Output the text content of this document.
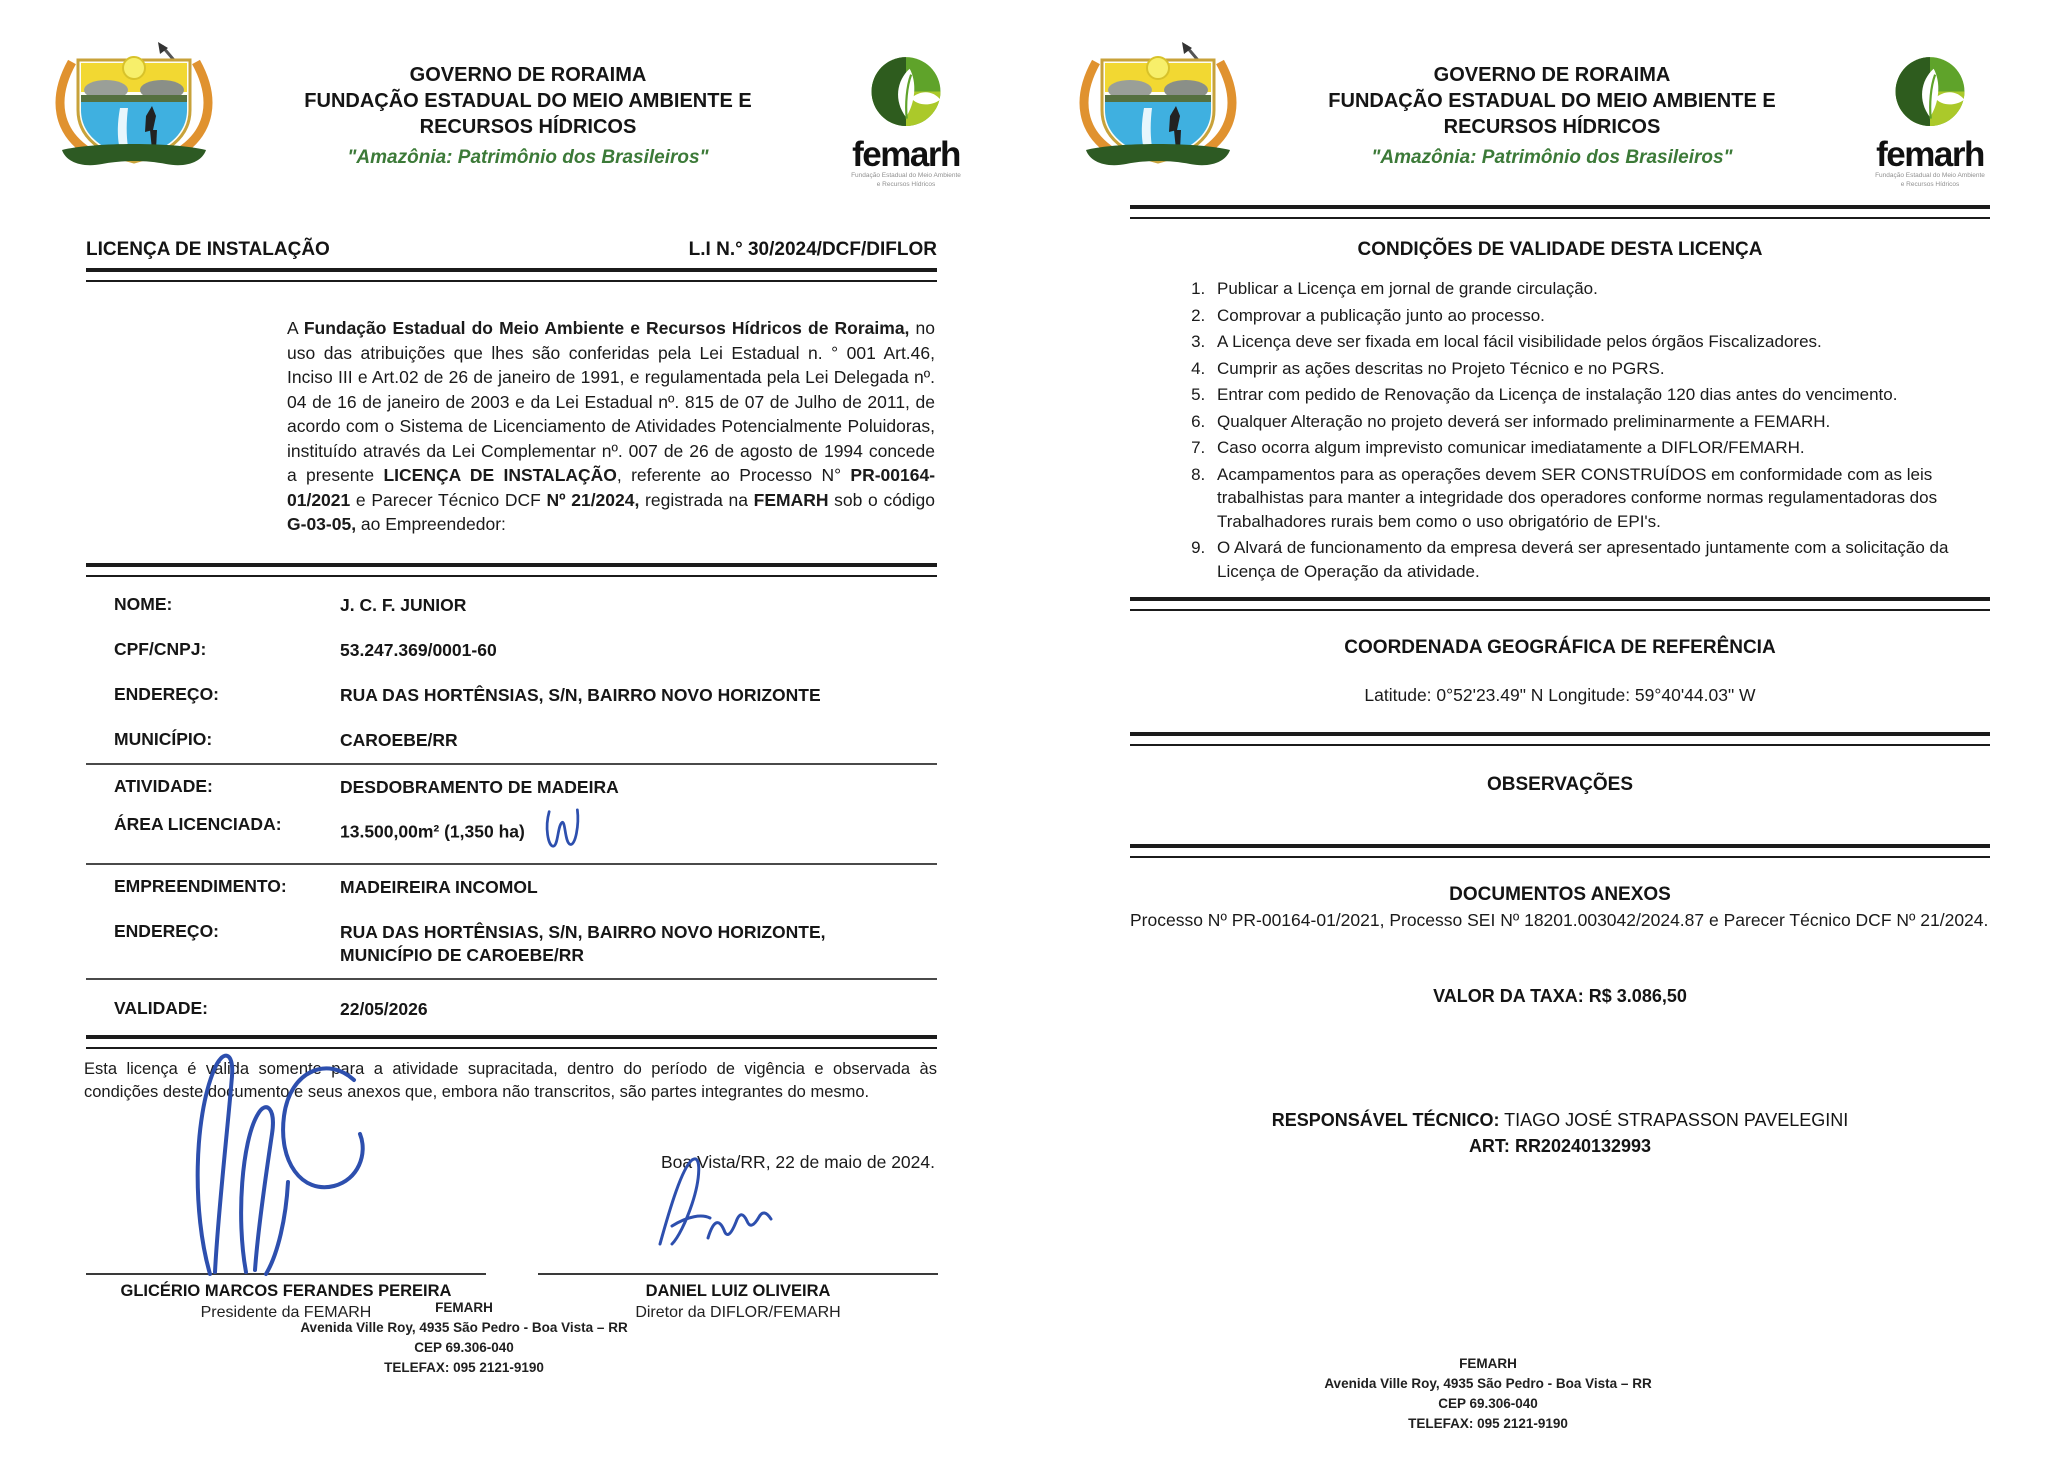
GOVERNO DE RORAIMA
FUNDAÇÃO ESTADUAL DO MEIO AMBIENTE E
RECURSOS HÍDRICOS
"Amazônia: Patrimônio dos Brasileiros"	femarh
Fundação Estadual do Meio Ambiente
e Recursos Hídricos
LICENÇA DE INSTALAÇÃO	L.I N.° 30/2024/DCF/DIFLOR

A Fundação Estadual do Meio Ambiente e Recursos Hídricos de Roraima, no uso das atribuições que lhes são conferidas pela Lei Estadual n. ° 001 Art.46, Inciso III e Art.02 de 26 de janeiro de 1991, e regulamentada pela Lei Delegada nº. 04 de 16 de janeiro de 2003 e da Lei Estadual nº. 815 de 07 de Julho de 2011, de acordo com o Sistema de Licenciamento de Atividades Potencialmente Poluidoras, instituído através da Lei Complementar nº. 007 de 26 de agosto de 1994 concede a presente LICENÇA DE INSTALAÇÃO, referente ao Processo N° PR-00164-01/2021 e Parecer Técnico DCF Nº 21/2024, registrada na FEMARH sob o código G-03-05, ao Empreendedor:

NOME:	J. C. F. JUNIOR
CPF/CNPJ:	53.247.369/0001-60
ENDEREÇO:	RUA DAS HORTÊNSIAS, S/N, BAIRRO NOVO HORIZONTE
MUNICÍPIO:	CAROEBE/RR
ATIVIDADE:	DESDOBRAMENTO DE MADEIRA
ÁREA LICENCIADA:	13.500,00m² (1,350 ha)
EMPREENDIMENTO:	MADEIREIRA INCOMOL
ENDEREÇO:	RUA DAS HORTÊNSIAS, S/N, BAIRRO NOVO HORIZONTE, MUNICÍPIO DE CAROEBE/RR
VALIDADE:	22/05/2026

Esta licença é válida somente para a atividade supracitada, dentro do período de vigência e observada às condições deste documento e seus anexos que, embora não transcritos, são partes integrantes do mesmo.

Boa Vista/RR, 22 de maio de 2024.
GLICÉRIO MARCOS FERANDES PEREIRA
Presidente da FEMARH
DANIEL LUIZ OLIVEIRA
Diretor da DIFLOR/FEMARH
FEMARH
Avenida Ville Roy, 4935 São Pedro - Boa Vista – RR
CEP 69.306-040
TELEFAX: 095 2121-9190
GOVERNO DE RORAIMA
FUNDAÇÃO ESTADUAL DO MEIO AMBIENTE E
RECURSOS HÍDRICOS
"Amazônia: Patrimônio dos Brasileiros"	femarh
Fundação Estadual do Meio Ambiente
e Recursos Hídricos
CONDIÇÕES DE VALIDADE DESTA LICENÇA
1. Publicar a Licença em jornal de grande circulação.
2. Comprovar a publicação junto ao processo.
3. A Licença deve ser fixada em local fácil visibilidade pelos órgãos Fiscalizadores.
4. Cumprir as ações descritas no Projeto Técnico e no PGRS.
5. Entrar com pedido de Renovação da Licença de instalação 120 dias antes do vencimento.
6. Qualquer Alteração no projeto deverá ser informado preliminarmente a FEMARH.
7. Caso ocorra algum imprevisto comunicar imediatamente a DIFLOR/FEMARH.
8. Acampamentos para as operações devem SER CONSTRUÍDOS em conformidade com as leis trabalhistas para manter a integridade dos operadores conforme normas regulamentadoras dos Trabalhadores rurais bem como o uso obrigatório de EPI's.
9. O Alvará de funcionamento da empresa deverá ser apresentado juntamente com a solicitação da Licença de Operação da atividade.
COORDENADA GEOGRÁFICA DE REFERÊNCIA
Latitude: 0°52'23.49" N Longitude: 59°40'44.03" W
OBSERVAÇÕES
DOCUMENTOS ANEXOS
Processo Nº PR-00164-01/2021, Processo SEI Nº 18201.003042/2024.87 e Parecer Técnico DCF Nº 21/2024.
VALOR DA TAXA: R$ 3.086,50
RESPONSÁVEL TÉCNICO: TIAGO JOSÉ STRAPASSON PAVELEGINI
ART: RR20240132993
FEMARH
Avenida Ville Roy, 4935 São Pedro - Boa Vista – RR
CEP 69.306-040
TELEFAX: 095 2121-9190
